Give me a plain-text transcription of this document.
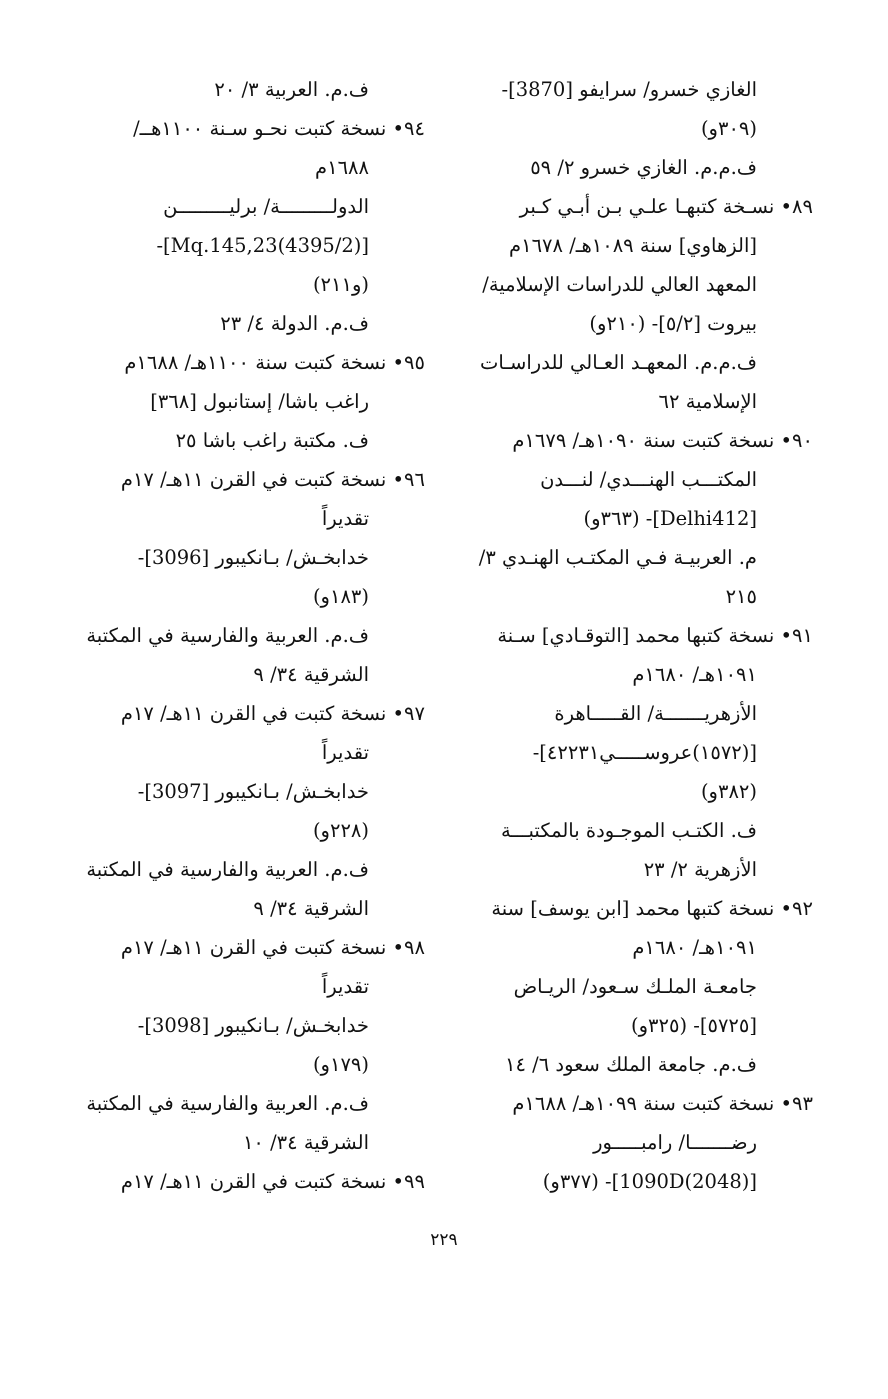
الغازي خسرو/ سرايفو [3870]-
(٣٠٩و)
ف.م.م. الغازي خسرو ٢/ ٥٩
٨٩• نسـخة كتبهـا علـي بـن أبـي كـبر
[الزهاوي] سنة ١٠٨٩هـ/ ١٦٧٨م
المعهد العالي للدراسات الإسلامية/
بيروت [٥/٢]- (٢١٠و)
ف.م.م. المعهـد العـالي للدراسـات
الإسلامية ٦٢
٩٠• نسخة كتبت سنة ١٠٩٠هـ/ ١٦٧٩م
المكتـــب الهنـــدي/ لنـــدن
[Delhi412]- (٣٦٣و)
م. العربيـة فـي المكتـب الهنـدي ٣/
٢١٥
٩١• نسخة كتبها محمد [التوقـادي] سـنة
١٠٩١هـ/ ١٦٨٠م
الأزهريـــــــة/ القـــــاهرة
[(١٥٧٢)عروســـــي٤٢٢٣١]-
(٣٨٢و)
ف. الكتـب الموجـودة بالمكتبـــة
الأزهرية ٢/ ٢٣
٩٢• نسخة كتبها محمد [ابن يوسف] سنة
١٠٩١هـ/ ١٦٨٠م
جامعـة الملـك سـعود/ الريـاض
[٥٧٢٥]- (٣٢٥و)
ف.م. جامعة الملك سعود ٦/ ١٤
٩٣• نسخة كتبت سنة ١٠٩٩هـ/ ١٦٨٨م
رضـــــــا/ رامبـــــور
[(2048)1090D]- (٣٧٧و)
ف.م. العربية ٣/ ٢٠
٩٤• نسخة كتبت نحـو سـنة ١١٠٠هــ/
١٦٨٨م
الدولـــــــــة/ برليـــــــــن
[(4395/2)Mq.145,23]-
(و٢١١)
ف.م. الدولة ٤/ ٢٣
٩٥• نسخة كتبت سنة ١١٠٠هـ/ ١٦٨٨م
راغب باشا/ إستانبول [٣٦٨]
ف. مكتبة راغب باشا ٢٥
٩٦• نسخة كتبت في القرن ١١هـ/ ١٧م
تقديراً
خدابخـش/ بـانكيبور [3096]-
(١٨٣و)
ف.م. العربية والفارسية في المكتبة
الشرقية ٣٤/ ٩
٩٧• نسخة كتبت في القرن ١١هـ/ ١٧م
تقديراً
خدابخـش/ بـانكيبور [3097]-
(٢٢٨و)
ف.م. العربية والفارسية في المكتبة
الشرقية ٣٤/ ٩
٩٨• نسخة كتبت في القرن ١١هـ/ ١٧م
تقديراً
خدابخـش/ بـانكيبور [3098]-
(١٧٩و)
ف.م. العربية والفارسية في المكتبة
الشرقية ٣٤/ ١٠
٩٩• نسخة كتبت في القرن ١١هـ/ ١٧م
٢٢٩
